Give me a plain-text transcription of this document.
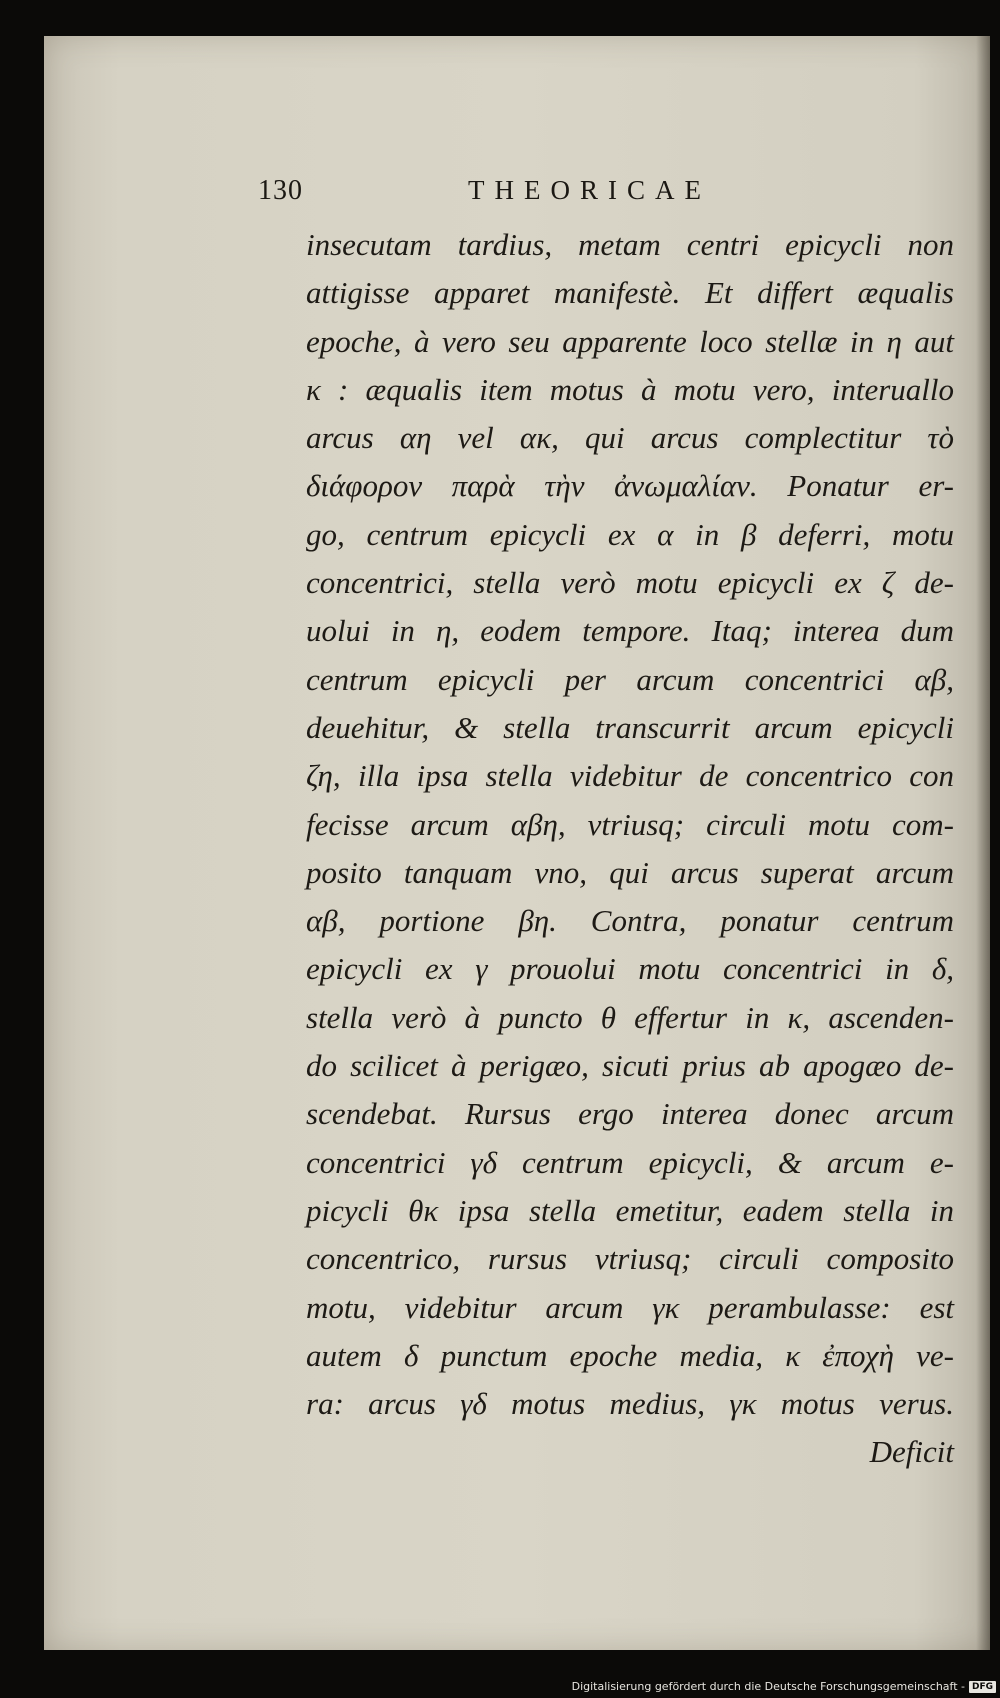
130	THEORICAE
insecutam tardius, metam centri epicycli non
attigisse apparet manifestè. Et differt æqualis
epoche, à vero seu apparente loco stellæ in η aut
κ : æqualis item motus à motu vero, interuallo
arcus αη vel ακ, qui arcus complectitur τὸ
διάφορον παρὰ τὴν ἀνωμαλίαν. Ponatur er-
go, centrum epicycli ex α in β deferri, motu
concentrici, stella verò motu epicycli ex ζ de-
uolui in η, eodem tempore. Itaq; interea dum
centrum epicycli per arcum concentrici αβ,
deuehitur, & stella transcurrit arcum epicycli
ζη, illa ipsa stella videbitur de concentrico con
fecisse arcum αβη, vtriusq; circuli motu com-
posito tanquam vno, qui arcus superat arcum
αβ, portione βη. Contra, ponatur centrum
epicycli ex γ prouolui motu concentrici in δ,
stella verò à puncto θ effertur in κ, ascenden-
do scilicet à perigæo, sicuti prius ab apogæo de-
scendebat. Rursus ergo interea donec arcum
concentrici γδ centrum epicycli, & arcum e-
picycli θκ ipsa stella emetitur, eadem stella in
concentrico, rursus vtriusq; circuli composito
motu, videbitur arcum γκ perambulasse: est
autem δ punctum epoche media, κ ἐποχὴ ve-
ra: arcus γδ motus medius, γκ motus verus.
Deficit
Digitalisierung gefördert durch die Deutsche Forschungsgemeinschaft - DFG
